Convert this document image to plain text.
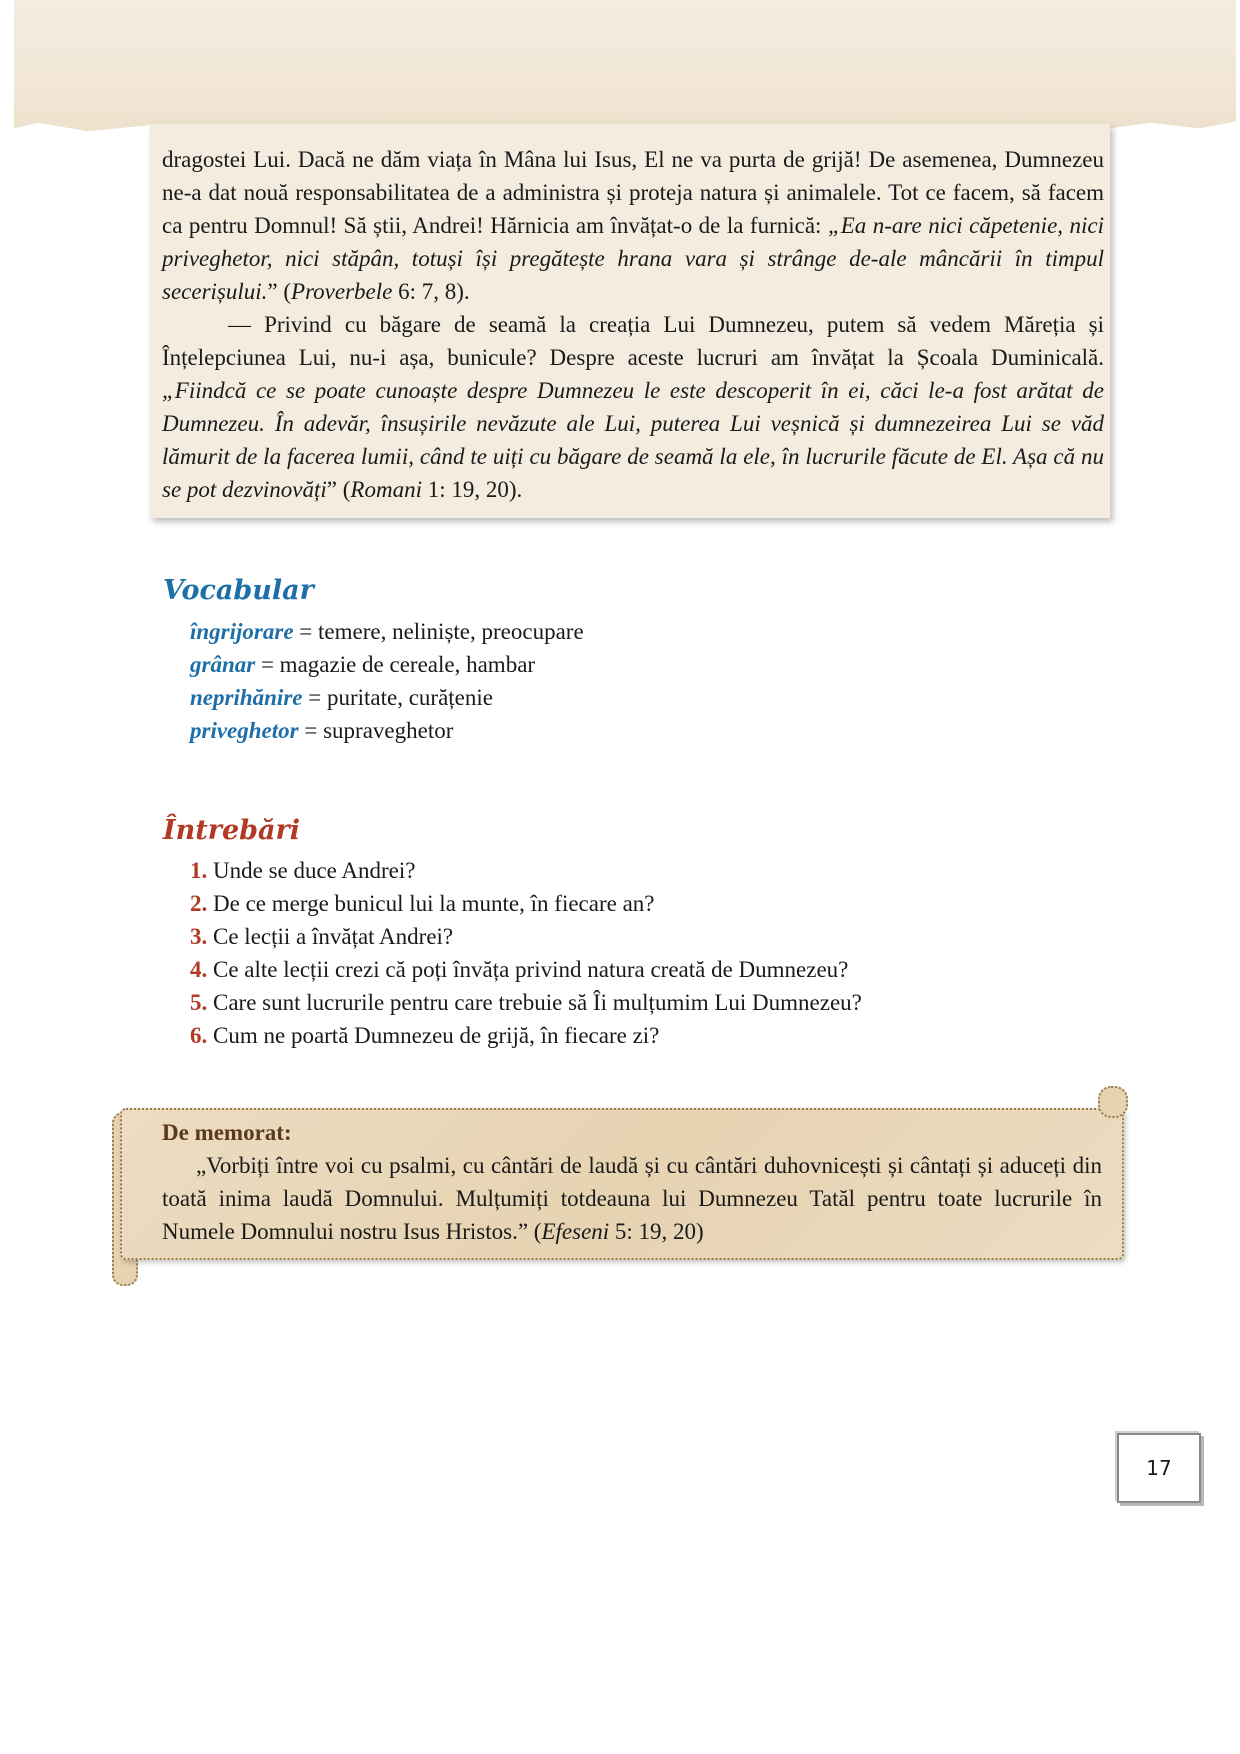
dragostei Lui. Dacă ne dăm viața în Mâna lui Isus, El ne va purta de grijă! De asemenea, Dumnezeu ne-a dat nouă responsabilitatea de a administra și proteja natura și animalele. Tot ce facem, să facem ca pentru Domnul! Să știi, Andrei! Hărnicia am învățat-o de la furnică: „Ea n-are nici căpetenie, nici priveghetor, nici stăpân, totuși își pregătește hrana vara și strânge de-ale mâncării în timpul secerișului.” (Proverbele 6: 7, 8).

— Privind cu băgare de seamă la creația Lui Dumnezeu, putem să vedem Măreția și Înțelepciunea Lui, nu-i așa, bunicule? Despre aceste lucruri am învățat la Școala Duminicală. „Fiindcă ce se poate cunoaște despre Dumnezeu le este descoperit în ei, căci le-a fost arătat de Dumnezeu. În adevăr, însușirile nevăzute ale Lui, puterea Lui veșnică și dumnezeirea Lui se văd lămurit de la facerea lumii, când te uiți cu băgare de seamă la ele, în lucrurile făcute de El. Așa că nu se pot dezvinovăți” (Romani 1: 19, 20).

Vocabular
îngrijorare = temere, neliniște, preocupare
grânar = magazie de cereale, hambar
neprihănire = puritate, curățenie
priveghetor = supraveghetor
Întrebări
1. Unde se duce Andrei?
2. De ce merge bunicul lui la munte, în fiecare an?
3. Ce lecții a învățat Andrei?
4. Ce alte lecții crezi că poți învăța privind natura creată de Dumnezeu?
5. Care sunt lucrurile pentru care trebuie să Îi mulțumim Lui Dumnezeu?
6. Cum ne poartă Dumnezeu de grijă, în fiecare zi?

De memorat:

„Vorbiți între voi cu psalmi, cu cântări de laudă și cu cântări duhovnicești și cântați și aduceți din toată inima laudă Domnului. Mulțumiți totdeauna lui Dumnezeu Tatăl pentru toate lucrurile în Numele Domnului nostru Isus Hristos.” (Efeseni 5: 19, 20)

17
